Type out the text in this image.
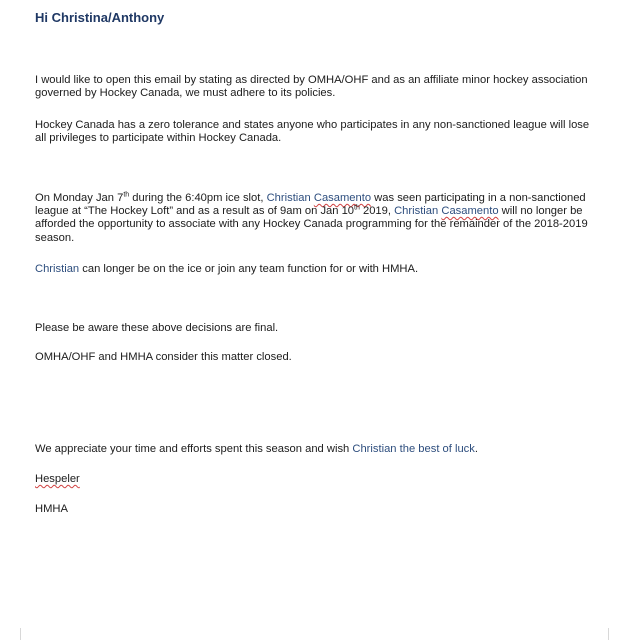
Hi Christina/Anthony

I would like to open this email by stating as directed by OMHA/OHF and as an affiliate minor hockey association governed by Hockey Canada, we must adhere to its policies.

Hockey Canada has a zero tolerance and states anyone who participates in any non-sanctioned league will lose all privileges to participate within Hockey Canada.

On Monday Jan 7th during the 6:40pm ice slot, Christian Casamento was seen participating in a non-sanctioned league at “The Hockey Loft” and as a result as of 9am on Jan 10th 2019, Christian Casamento will no longer be afforded the opportunity to associate with any Hockey Canada programming for the remainder of the 2018-2019 season.

Christian can longer be on the ice or join any team function for or with HMHA.

Please be aware these above decisions are final.

OMHA/OHF and HMHA consider this matter closed.

We appreciate your time and efforts spent this season and wish Christian the best of luck.

Hespeler

HMHA
